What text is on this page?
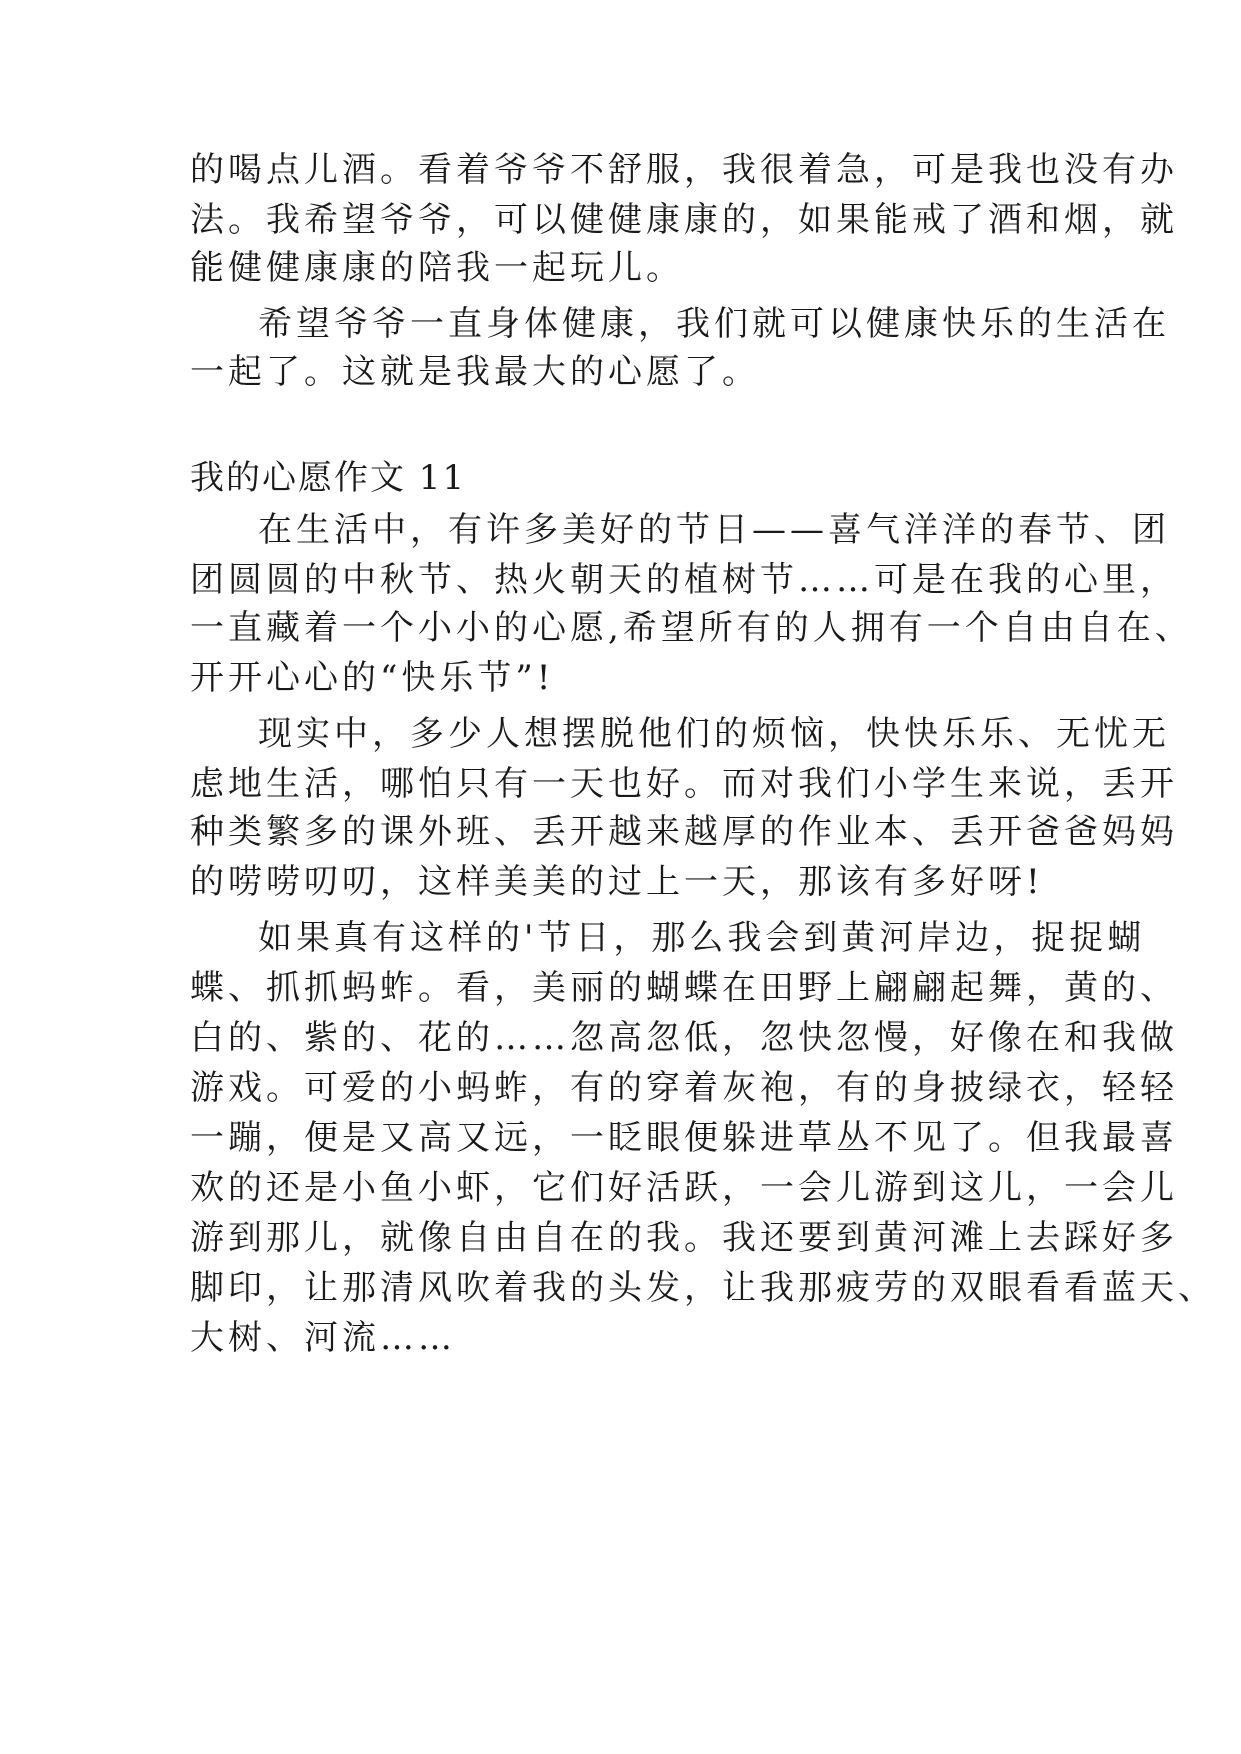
的喝点儿酒。看着爷爷不舒服，我很着急，可是我也没有办

法。我希望爷爷，可以健健康康的，如果能戒了酒和烟，就

能健健康康的陪我一起玩儿。

希望爷爷一直身体健康，我们就可以健康快乐的生活在

一起了。这就是我最大的心愿了。

我的心愿作文 11

在生活中，有许多美好的节日——喜气洋洋的春节、团

团圆圆的中秋节、热火朝天的植树节……可是在我的心里，

一直藏着一个小小的心愿,希望所有的人拥有一个自由自在、

开开心心的“快乐节”!

现实中，多少人想摆脱他们的烦恼，快快乐乐、无忧无

虑地生活，哪怕只有一天也好。而对我们小学生来说，丢开

种类繁多的课外班、丢开越来越厚的作业本、丢开爸爸妈妈

的唠唠叨叨，这样美美的过上一天，那该有多好呀!

如果真有这样的'节日，那么我会到黄河岸边，捉捉蝴

蝶、抓抓蚂蚱。看，美丽的蝴蝶在田野上翩翩起舞，黄的、

白的、紫的、花的……忽高忽低，忽快忽慢，好像在和我做

游戏。可爱的小蚂蚱，有的穿着灰袍，有的身披绿衣，轻轻

一蹦，便是又高又远，一眨眼便躲进草丛不见了。但我最喜

欢的还是小鱼小虾，它们好活跃，一会儿游到这儿，一会儿

游到那儿，就像自由自在的我。我还要到黄河滩上去踩好多

脚印，让那清风吹着我的头发，让我那疲劳的双眼看看蓝天、

大树、河流……
